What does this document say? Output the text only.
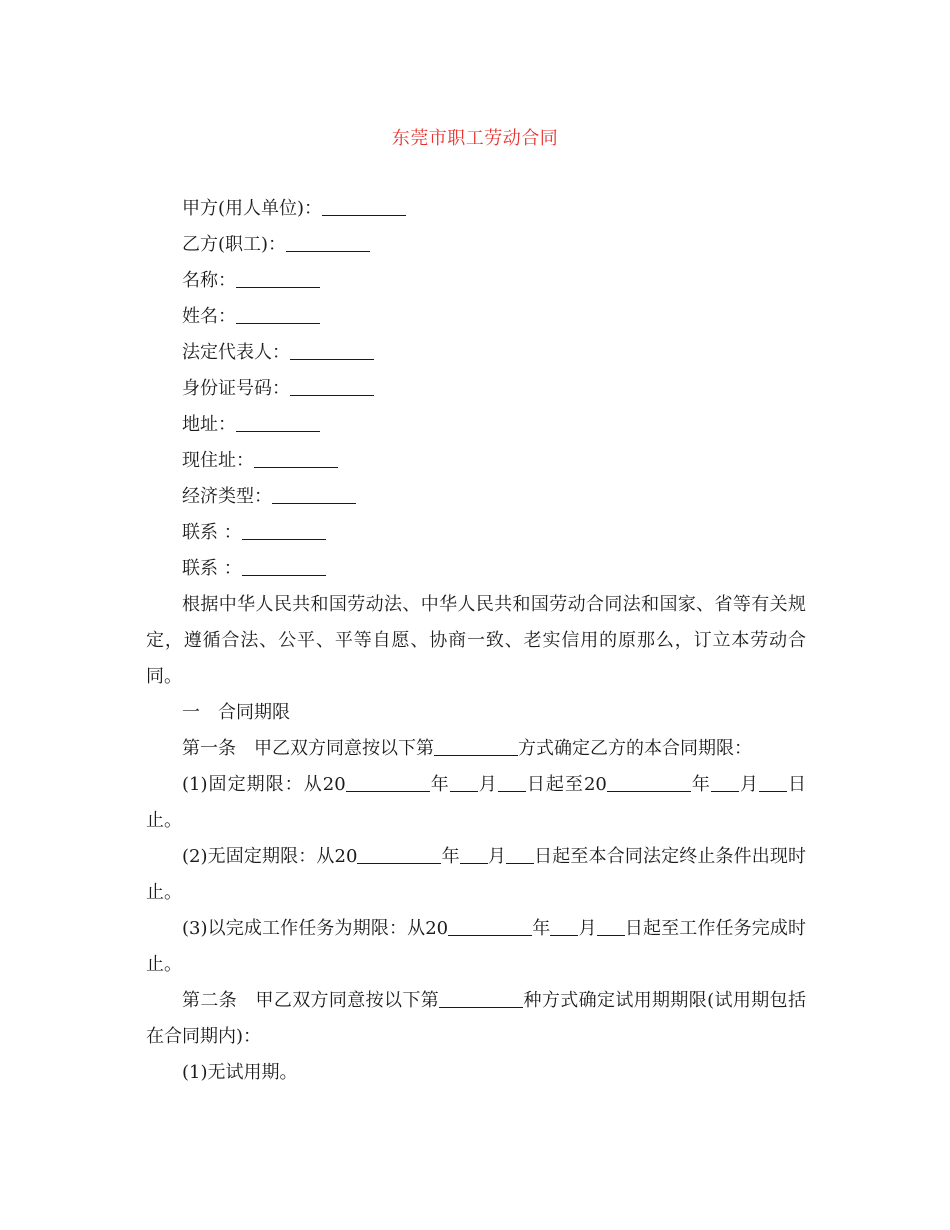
东莞市职工劳动合同

甲方(用人单位)：

乙方(职工)：

名称：

姓名：

法定代表人：

身份证号码：

地址：

现住址：

经济类型：

联系 ：

联系 ：

根据中华人民共和国劳动法、中华人民共和国劳动合同法和国家、省等有关规定，遵循合法、公平、平等自愿、协商一致、老实信用的原那么，订立本劳动合同。

一　合同期限

第一条　甲乙双方同意按以下第	方式确定乙方的本合同期限：

(1)固定期限：从20	年 月 日起至20	年 月 日止。

(2)无固定期限：从20	年 月 日起至本合同法定终止条件出现时止。

(3)以完成工作任务为期限：从20	年 月 日起至工作任务完成时止。

第二条　甲乙双方同意按以下第	种方式确定试用期期限(试用期包括在合同期内)：

(1)无试用期。
